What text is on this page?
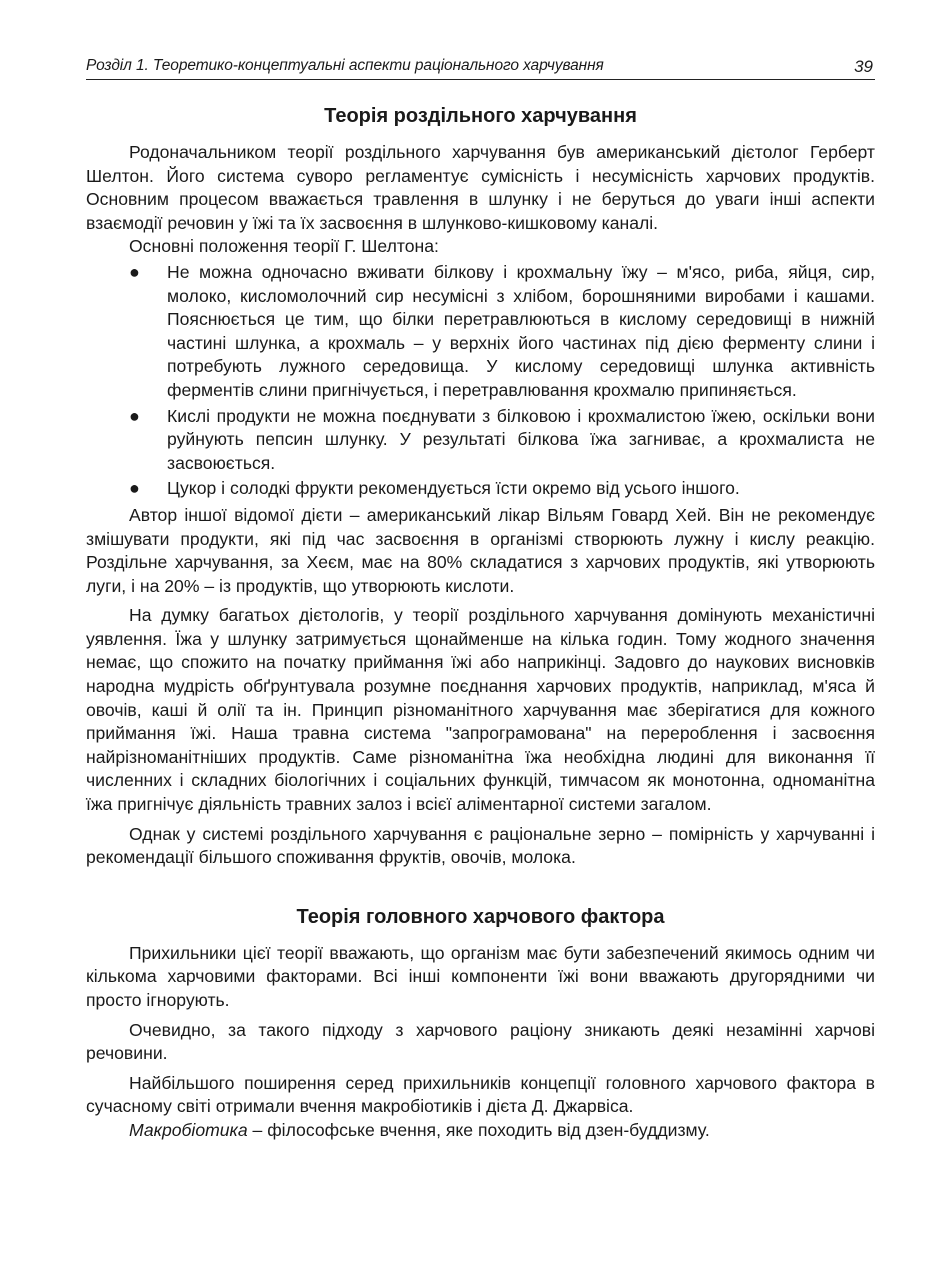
Розділ 1. Теоретико-концептуальні аспекти раціонального харчування	39
Теорія роздільного харчування

Родоначальником теорії роздільного харчування був американський дієтолог Герберт Шелтон. Його система суворо регламентує сумісність і несумісність харчових продуктів. Основним процесом вважається травлення в шлунку і не беруться до уваги інші аспекти взаємодії речовин у їжі та їх засвоєння в шлунково-кишковому каналі.

Основні положення теорії Г. Шелтона:

● Не можна одночасно вживати білкову і крохмальну їжу – м'ясо, риба, яйця, сир, молоко, кисломолочний сир несумісні з хлібом, борошняними виробами і кашами. Пояснюється це тим, що білки перетравлюються в кислому середовищі в нижній частині шлунка, а крохмаль – у верхніх його частинах під дією ферменту слини і потребують лужного середовища. У кислому середовищі шлунка активність ферментів слини пригнічується, і перетравлювання крохмалю припиняється.
● Кислі продукти не можна поєднувати з білковою і крохмалистою їжею, оскільки вони руйнують пепсин шлунку. У результаті білкова їжа загниває, а крохмалиста не засвоюється.
● Цукор і солодкі фрукти рекомендується їсти окремо від усього іншого.

Автор іншої відомої дієти – американський лікар Вільям Говард Хей. Він не рекомендує змішувати продукти, які під час засвоєння в організмі створюють лужну і кислу реакцію. Роздільне харчування, за Хеєм, має на 80% складатися з харчових продуктів, які утворюють луги, і на 20% – із продуктів, що утворюють кислоти.

На думку багатьох дієтологів, у теорії роздільного харчування домінують механістичні уявлення. Їжа у шлунку затримується щонайменше на кілька годин. Тому жодного значення немає, що спожито на початку приймання їжі або наприкінці. Задовго до наукових висновків народна мудрість обґрунтувала розумне поєднання харчових продуктів, наприклад, м'яса й овочів, каші й олії та ін. Принцип різноманітного харчування має зберігатися для кожного приймання їжі. Наша травна система "запрограмована" на перероблення і засвоєння найрізноманітніших продуктів. Саме різноманітна їжа необхідна людині для виконання її численних і складних біологічних і соціальних функцій, тимчасом як монотонна, одноманітна їжа пригнічує діяльність травних залоз і всієї аліментарної системи загалом.

Однак у системі роздільного харчування є раціональне зерно – помірність у харчуванні і рекомендації більшого споживання фруктів, овочів, молока.

Теорія головного харчового фактора

Прихильники цієї теорії вважають, що організм має бути забезпечений якимось одним чи кількома харчовими факторами. Всі інші компоненти їжі вони вважають другорядними чи просто ігнорують.

Очевидно, за такого підходу з харчового раціону зникають деякі незамінні харчові речовини.

Найбільшого поширення серед прихильників концепції головного харчового фактора в сучасному світі отримали вчення макробіотиків і дієта Д. Джарвіса.

Макробіотика – філософське вчення, яке походить від дзен-буддизму.
